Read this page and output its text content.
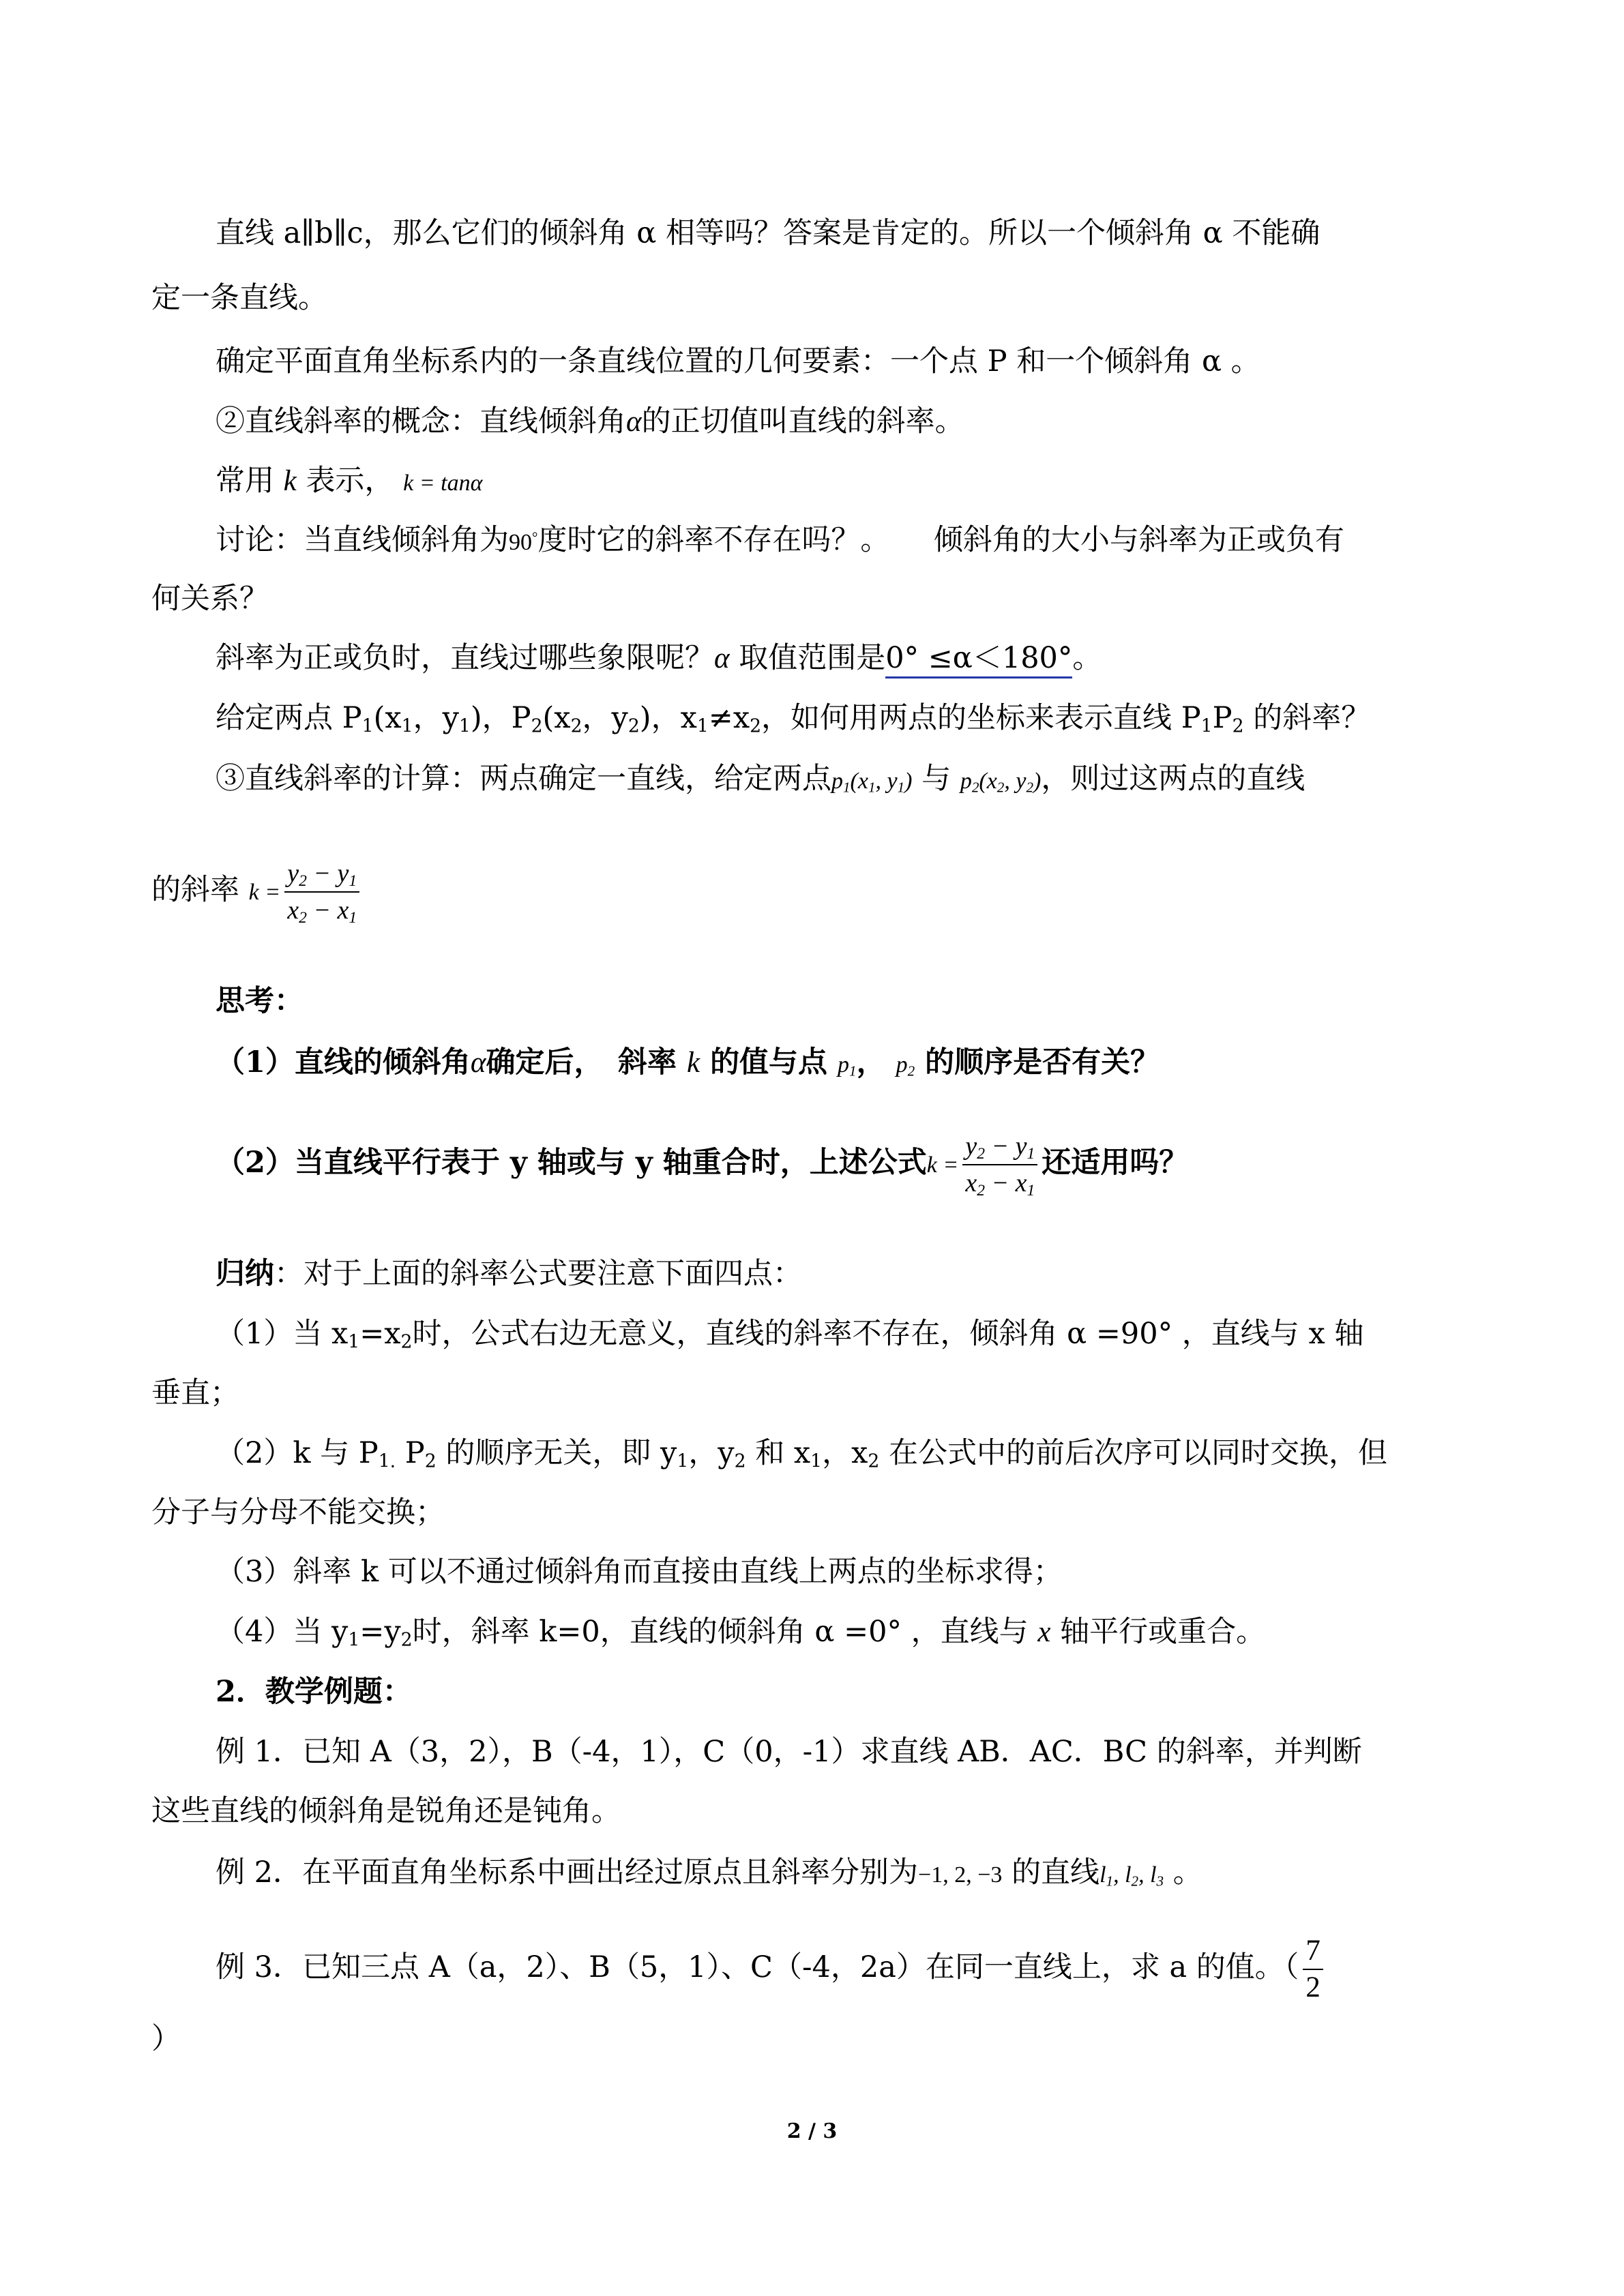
直线 a∥b∥c，那么它们的倾斜角 α 相等吗？答案是肯定的。所以一个倾斜角 α 不能确
定一条直线。
确定平面直角坐标系内的一条直线位置的几何要素：一个点 P 和一个倾斜角 α 。
②直线斜率的概念：直线倾斜角α的正切值叫直线的斜率。
常用 k 表示， k = tanα
讨论：当直线倾斜角为90°度时它的斜率不存在吗？。　　倾斜角的大小与斜率为正或负有
何关系？
斜率为正或负时，直线过哪些象限呢？α 取值范围是0° ≤α＜180°。
给定两点 $P_1(x_1$，$y_1$)，$P_2(x_2$，$y_2$)，$x_1\ne x_2$，如何用两点的坐标来表示直线 $P_1P_2$ 的斜率？
③直线斜率的计算：两点确定一直线，给定两点$p_1(x_1$, $y_1$) 与 $p_2(x_2$, $y_2$)，则过这两点的直线
的斜率 $k = \frac{y_2 - y_1}{x_2 - x_1}$
思考：
（1）直线的倾斜角α确定后，　斜率 k 的值与点 $p_1$， $p_2$ 的顺序是否有关？
（2）当直线平行表于 y 轴或与 y 轴重合时，上述公式$k = \frac{y_2 - y_1}{x_2 - x_1}$ 还适用吗？
归纳：对于上面的斜率公式要注意下面四点：
（1）当 $x_1=x_2$时，公式右边无意义，直线的斜率不存在，倾斜角 α =90° ，直线与 x 轴
垂直；
（2）k 与 $P_{1.}$ $P_2$ 的顺序无关，即 $y_1$，$y_2$ 和 $x_1$，$x_2$ 在公式中的前后次序可以同时交换，但
分子与分母不能交换；
（3）斜率 k 可以不通过倾斜角而直接由直线上两点的坐标求得；
（4）当 $y_1=y_2$时，斜率 k=0，直线的倾斜角 α =0° ，直线与 x 轴平行或重合。
2．教学例题：
例 1．已知 A（3，2），B（-4，1），C（0，-1）求直线 AB．AC．BC 的斜率，并判断
这些直线的倾斜角是锐角还是钝角。
例 2．在平面直角坐标系中画出经过原点且斜率分别为−1, 2, −3 的直线$l_1$, $l_2$, $l_3$ 。
例 3．已知三点 A（a，2）、B（5，1）、C（-4，2a）在同一直线上，求 a 的值。（ $\frac{7}{2}$
）
2 / 3
